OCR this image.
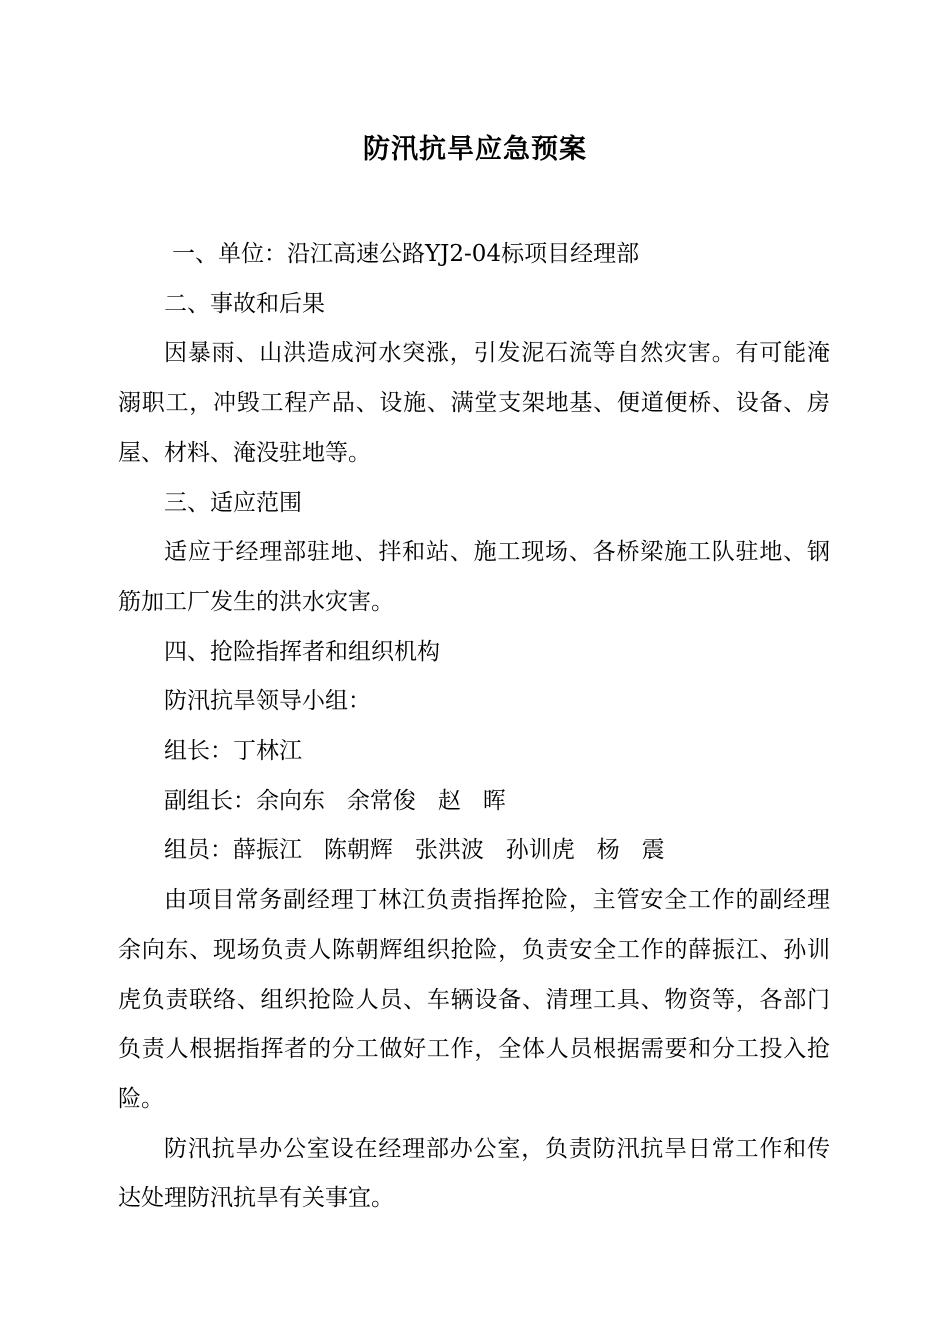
防汛抗旱应急预案

一、单位：沿江高速公路YJ2-04标项目经理部

二、事故和后果

因暴雨、山洪造成河水突涨，引发泥石流等自然灾害。有可能淹溺职工，冲毁工程产品、设施、满堂支架地基、便道便桥、设备、房屋、材料、淹没驻地等。

三、适应范围

适应于经理部驻地、拌和站、施工现场、各桥梁施工队驻地、钢筋加工厂发生的洪水灾害。

四、抢险指挥者和组织机构

防汛抗旱领导小组：

组长：丁林江

副组长：余向东   余常俊   赵   晖

组员：薛振江   陈朝辉   张洪波   孙训虎   杨   震

由项目常务副经理丁林江负责指挥抢险，主管安全工作的副经理余向东、现场负责人陈朝辉组织抢险，负责安全工作的薛振江、孙训虎负责联络、组织抢险人员、车辆设备、清理工具、物资等，各部门负责人根据指挥者的分工做好工作，全体人员根据需要和分工投入抢险。

防汛抗旱办公室设在经理部办公室，负责防汛抗旱日常工作和传达处理防汛抗旱有关事宜。
